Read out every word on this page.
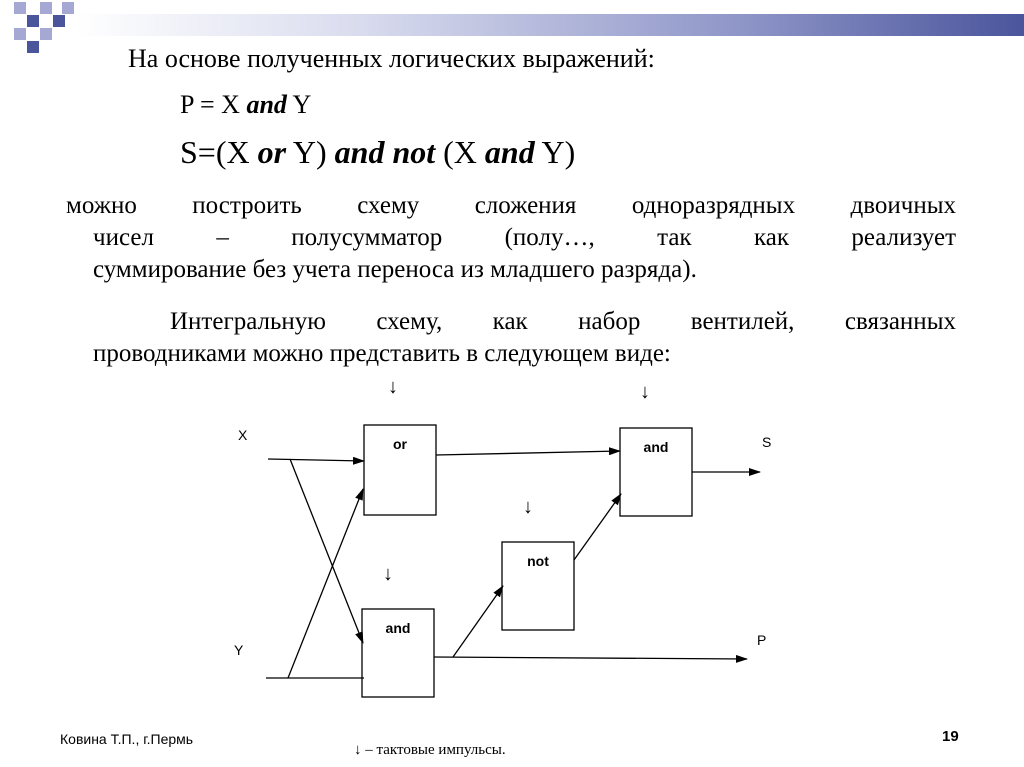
На основе полученных логических выражений:
P = X and Y
S=(X or Y) and not (X and Y)
можно построить схему сложения одноразрядных двоичных
чисел – полусумматор (полу…, так как реализует
суммирование без учета переноса из младшего разряда).
Интегральную схему, как набор вентилей, связанных
проводниками можно представить в следующем виде:
↓	↓
↓
↓
or	and
not
and
X
Y
S
P
Ковина Т.П., г.Пермь	19
↓ – тактовые импульсы.
